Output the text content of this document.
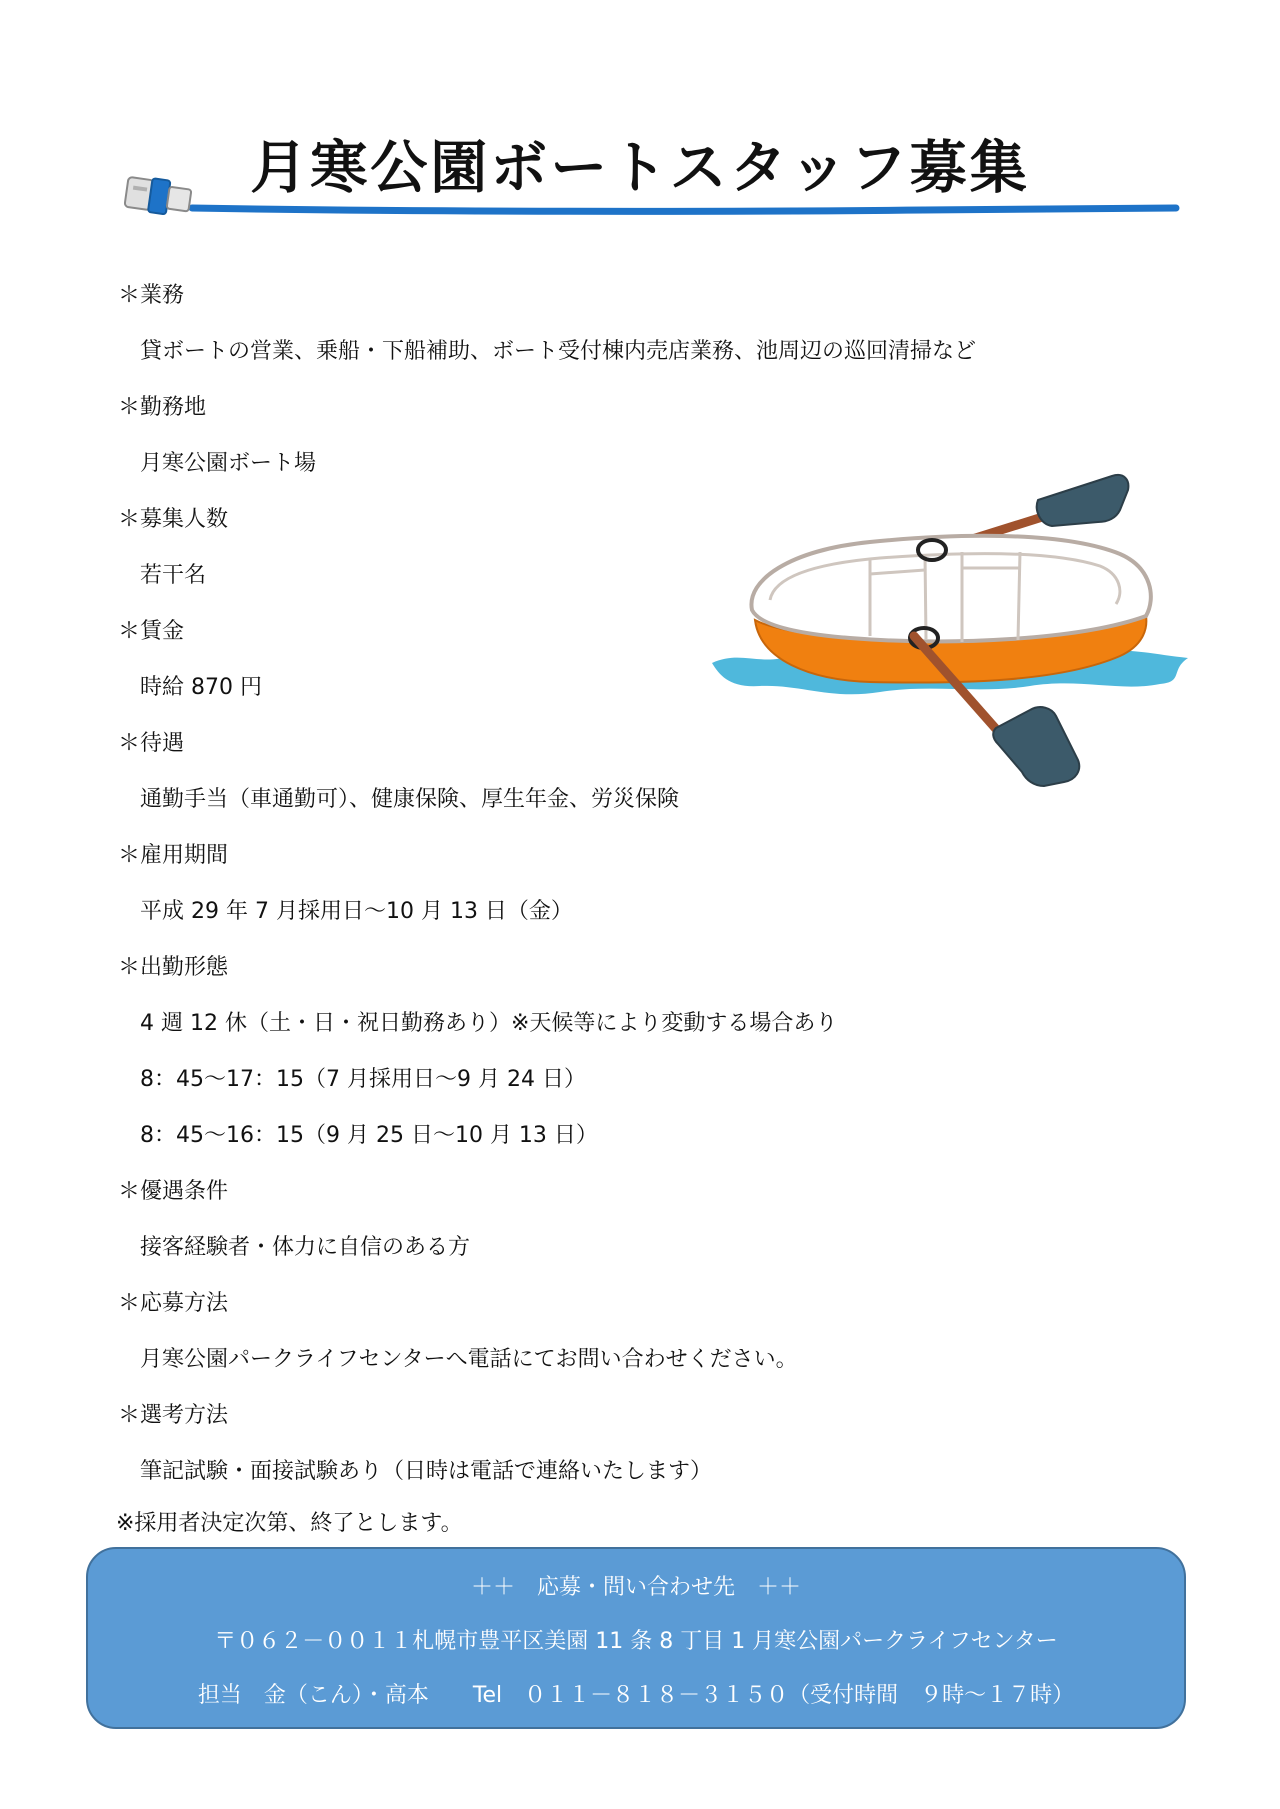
月寒公園ボートスタッフ募集
＊業務
貸ボートの営業、乗船・下船補助、ボート受付棟内売店業務、池周辺の巡回清掃など
＊勤務地
月寒公園ボート場
＊募集人数
若干名
＊賃金
時給 870 円
＊待遇
通勤手当（車通勤可）、健康保険、厚生年金、労災保険
＊雇用期間
平成 29 年 7 月採用日～10 月 13 日（金）
＊出勤形態
4 週 12 休（土・日・祝日勤務あり）※天候等により変動する場合あり
8：45～17：15（7 月採用日～9 月 24 日）
8：45～16：15（9 月 25 日～10 月 13 日）
＊優遇条件
接客経験者・体力に自信のある方
＊応募方法
月寒公園パークライフセンターへ電話にてお問い合わせください。
＊選考方法
筆記試験・面接試験あり（日時は電話で連絡いたします）
※採用者決定次第、終了とします。
＋＋　応募・問い合わせ先　＋＋
〒０６２－００１１札幌市豊平区美園 11 条 8 丁目 1 月寒公園パークライフセンター
担当　金（こん）・高本　　Tel　０１１－８１８－３１５０（受付時間　９時～１７時）
